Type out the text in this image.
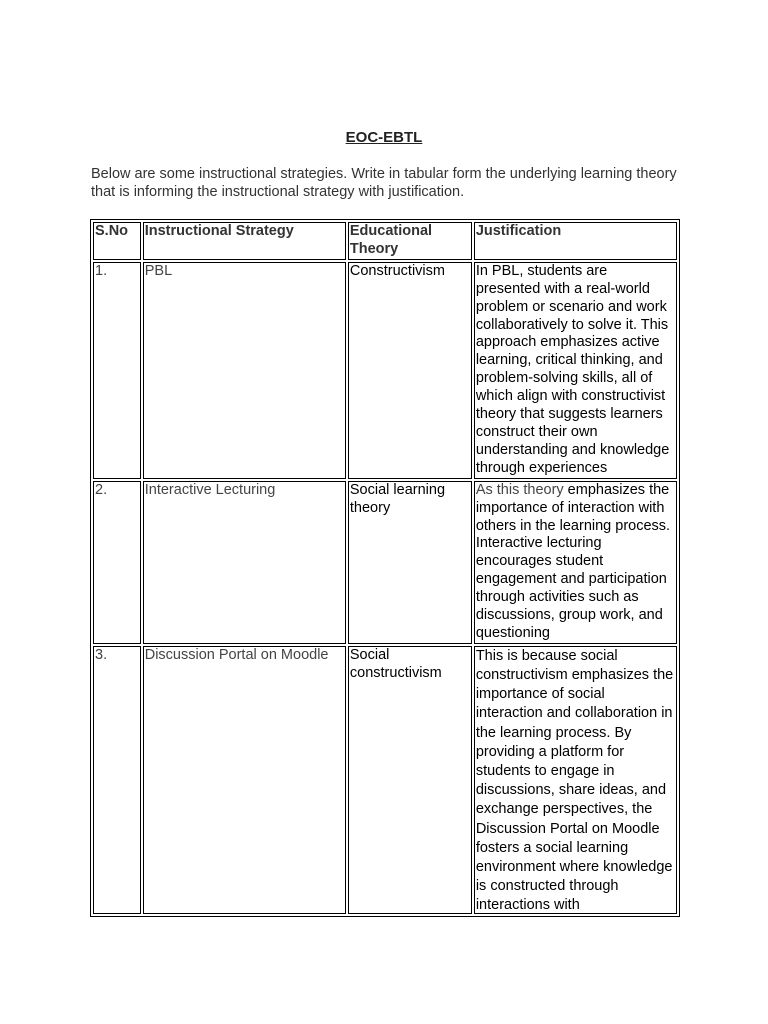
EOC-EBTL
Below are some instructional strategies. Write in tabular form the underlying learning theory that is informing the instructional strategy with justification.
S.No	Instructional Strategy	Educational Theory	Justification
1.	PBL	Constructivism	In PBL, students are presented with a real-world problem or scenario and work collaboratively to solve it. This approach emphasizes active learning, critical thinking, and problem-solving skills, all of which align with constructivist theory that suggests learners construct their own understanding and knowledge through experiences
2.	Interactive Lecturing	Social learning theory	As this theory emphasizes the importance of interaction with others in the learning process. Interactive lecturing encourages student engagement and participation through activities such as discussions, group work, and questioning
3.	Discussion Portal on Moodle	Social constructivism	This is because social constructivism emphasizes the importance of social interaction and collaboration in the learning process. By providing a platform for students to engage in discussions, share ideas, and exchange perspectives, the Discussion Portal on Moodle fosters a social learning environment where knowledge is constructed through interactions with
